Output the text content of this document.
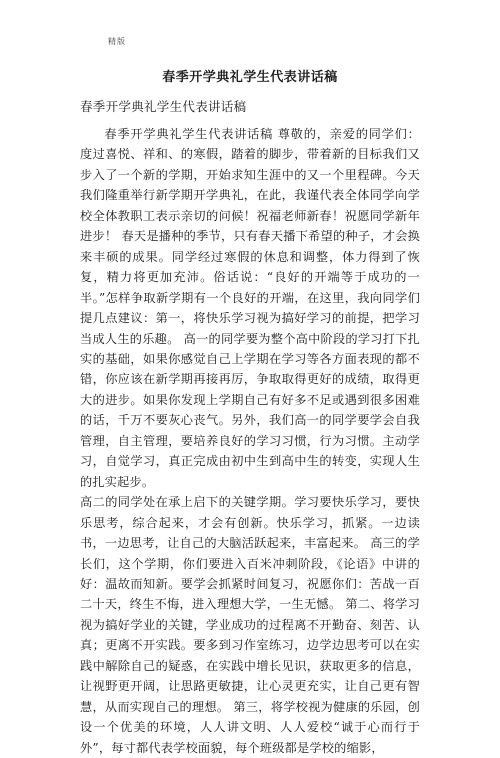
精版
春季开学典礼学生代表讲话稿
春季开学典礼学生代表讲话稿

春季开学典礼学生代表讲话稿 尊敬的，亲爱的同学们： 度过喜悦、祥和、的寒假，踏着的脚步，带着新的目标我们又步入了一个新的学期，开始求知生涯中的又一个里程碑。今天我们隆重举行新学期开学典礼，在此，我谨代表全体同学向学校全体教职工表示亲切的问候！祝福老师新春！祝愿同学新年进步！ 春天是播种的季节，只有春天播下希望的种子，才会换来丰硕的成果。同学经过寒假的休息和调整，体力得到了恢复，精力将更加充沛。俗话说：“良好的开端等于成功的一半。”怎样争取新学期有一个良好的开端，在这里，我向同学们提几点建议：第一，将快乐学习视为搞好学习的前提，把学习当成人生的乐趣。 高一的同学要为整个高中阶段的学习打下扎实的基础，如果你感觉自己上学期在学习等各方面表现的都不错，你应该在新学期再接再厉，争取取得更好的成绩，取得更大的进步。如果你发现上学期自己有好多不足或遇到很多困难的话，千万不要灰心丧气。另外，我们高一的同学要学会自我管理，自主管理，要培养良好的学习习惯，行为习惯。主动学习，自觉学习，真正完成由初中生到高中生的转变，实现人生的扎实起步。

高二的同学处在承上启下的关键学期。学习要快乐学习，要快乐思考，综合起来，才会有创新。快乐学习，抓紧。一边读书，一边思考，让自己的大脑活跃起来，丰富起来。 高三的学长们，这个学期，你们要进入百米冲刺阶段，《论语》中讲的好：温故而知新。要学会抓紧时间复习，祝愿你们：苦战一百二十天，终生不悔，进入理想大学，一生无憾。 第二、将学习视为搞好学业的关键，学业成功的过程离不开勤奋、刻苦、认真；更离不开实践。要多到习作室练习，边学边思考可以在实践中解除自己的疑惑，在实践中增长见识，获取更多的信息，让视野更开阔，让思路更敏捷，让心灵更充实，让自己更有智慧，从而实现自己的理想。 第三，将学校视为健康的乐园，创设一个优美的环境，人人讲文明、人人爱校“诚于心而行于外”，每寸都代表学校面貌，每个班级都是学校的缩影，
